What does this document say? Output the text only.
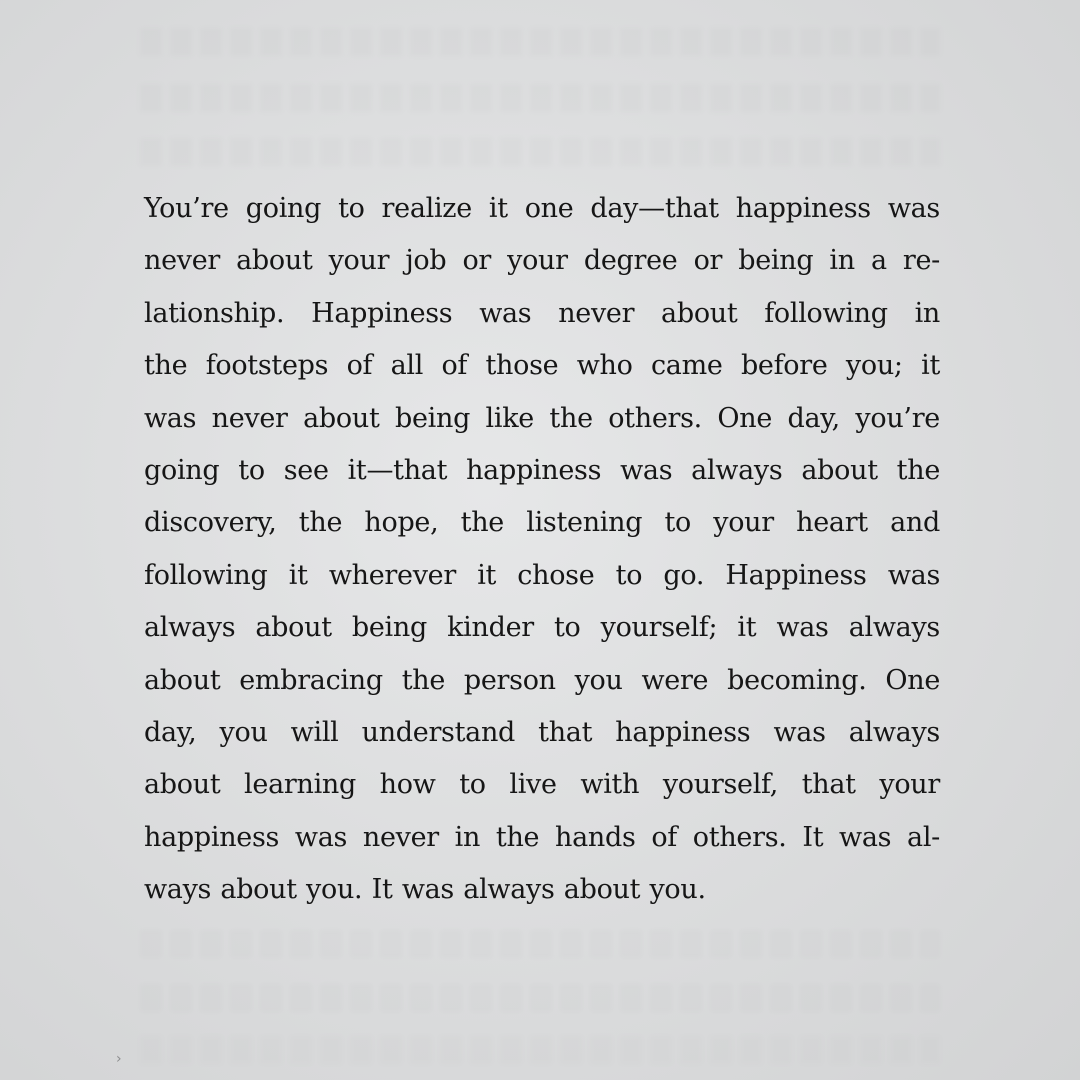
You’re going to realize it one day—that happiness was
never about your job or your degree or being in a re-
lationship. Happiness was never about following in
the footsteps of all of those who came before you; it
was never about being like the others. One day, you’re
going to see it—that happiness was always about the
discovery, the hope, the listening to your heart and
following it wherever it chose to go. Happiness was
always about being kinder to yourself; it was always
about embracing the person you were becoming. One
day, you will understand that happiness was always
about learning how to live with yourself, that your
happiness was never in the hands of others. It was al-
ways about you. It was always about you.

›
